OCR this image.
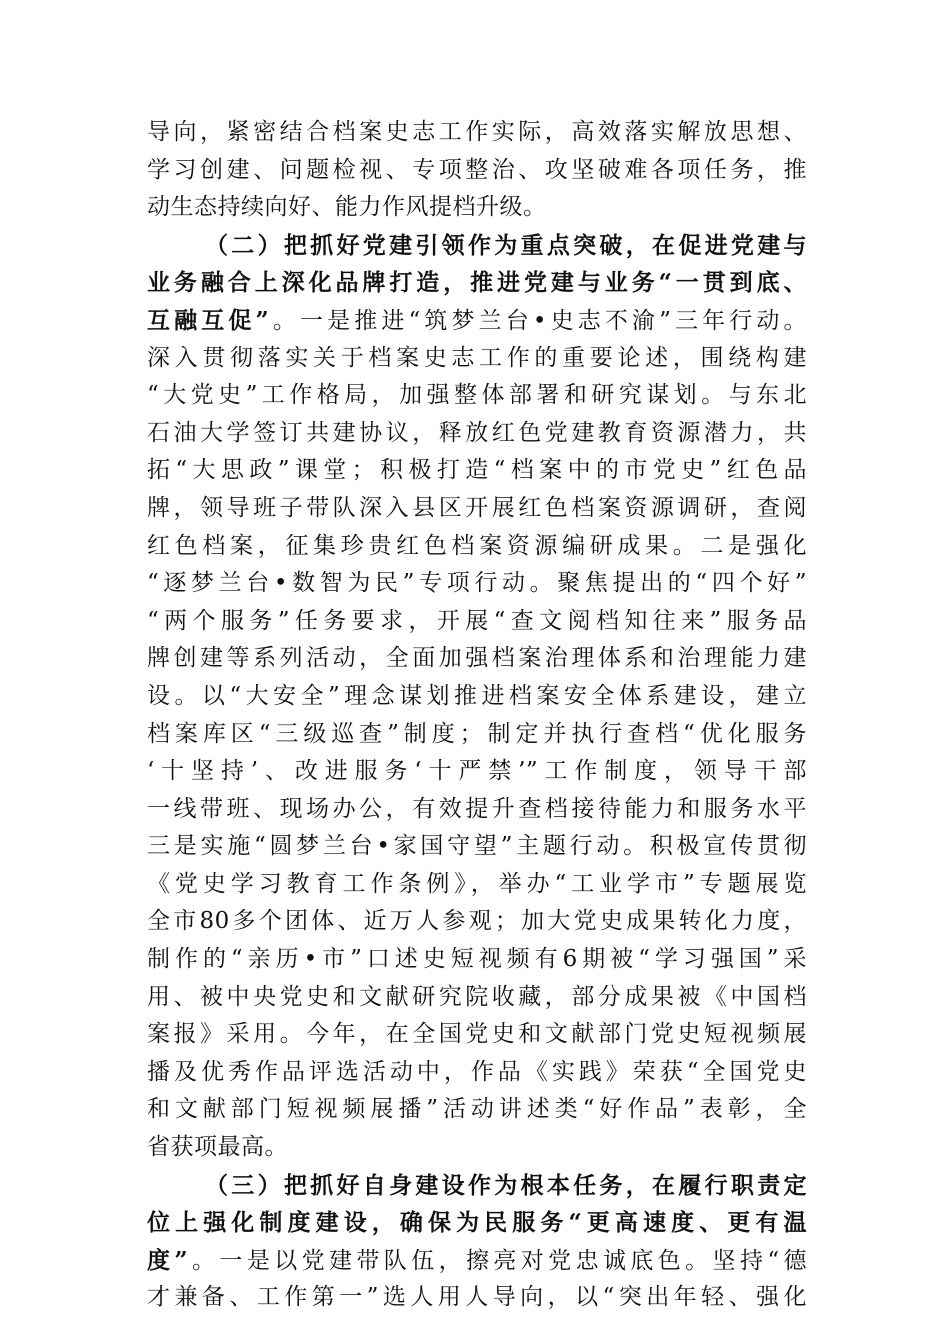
导向，紧密结合档案史志工作实际，高效落实解放思想、
学习创建、问题检视、专项整治、攻坚破难各项任务，推
动生态持续向好、能力作风提档升级。
（二）把抓好党建引领作为重点突破，在促进党建与
业务融合上深化品牌打造，推进党建与业务“一贯到底、
互融互促”。一是推进“筑梦兰台•史志不渝”三年行动。
深入贯彻落实关于档案史志工作的重要论述，围绕构建
“大党史”工作格局，加强整体部署和研究谋划。与东北
石油大学签订共建协议，释放红色党建教育资源潜力，共
拓“大思政”课堂；积极打造“档案中的市党史”红色品
牌，领导班子带队深入县区开展红色档案资源调研，查阅
红色档案，征集珍贵红色档案资源编研成果。二是强化
“逐梦兰台•数智为民”专项行动。聚焦提出的“四个好”
“两个服务”任务要求，开展“查文阅档知往来”服务品
牌创建等系列活动，全面加强档案治理体系和治理能力建
设。以“大安全”理念谋划推进档案安全体系建设，建立
档案库区“三级巡查”制度；制定并执行查档“优化服务
‘十坚持’、改进服务‘十严禁’”工作制度，领导干部
一线带班、现场办公，有效提升查档接待能力和服务水平
三是实施“圆梦兰台•家国守望”主题行动。积极宣传贯彻
《党史学习教育工作条例》，举办“工业学市”专题展览
全市80多个团体、近万人参观；加大党史成果转化力度，
制作的“亲历•市”口述史短视频有6期被“学习强国”采
用、被中央党史和文献研究院收藏，部分成果被《中国档
案报》采用。今年，在全国党史和文献部门党史短视频展
播及优秀作品评选活动中，作品《实践》荣获“全国党史
和文献部门短视频展播”活动讲述类“好作品”表彰，全
省获项最高。
（三）把抓好自身建设作为根本任务，在履行职责定
位上强化制度建设，确保为民服务“更高速度、更有温
度”。一是以党建带队伍，擦亮对党忠诚底色。坚持“德
才兼备、工作第一”选人用人导向，以“突出年轻、强化
